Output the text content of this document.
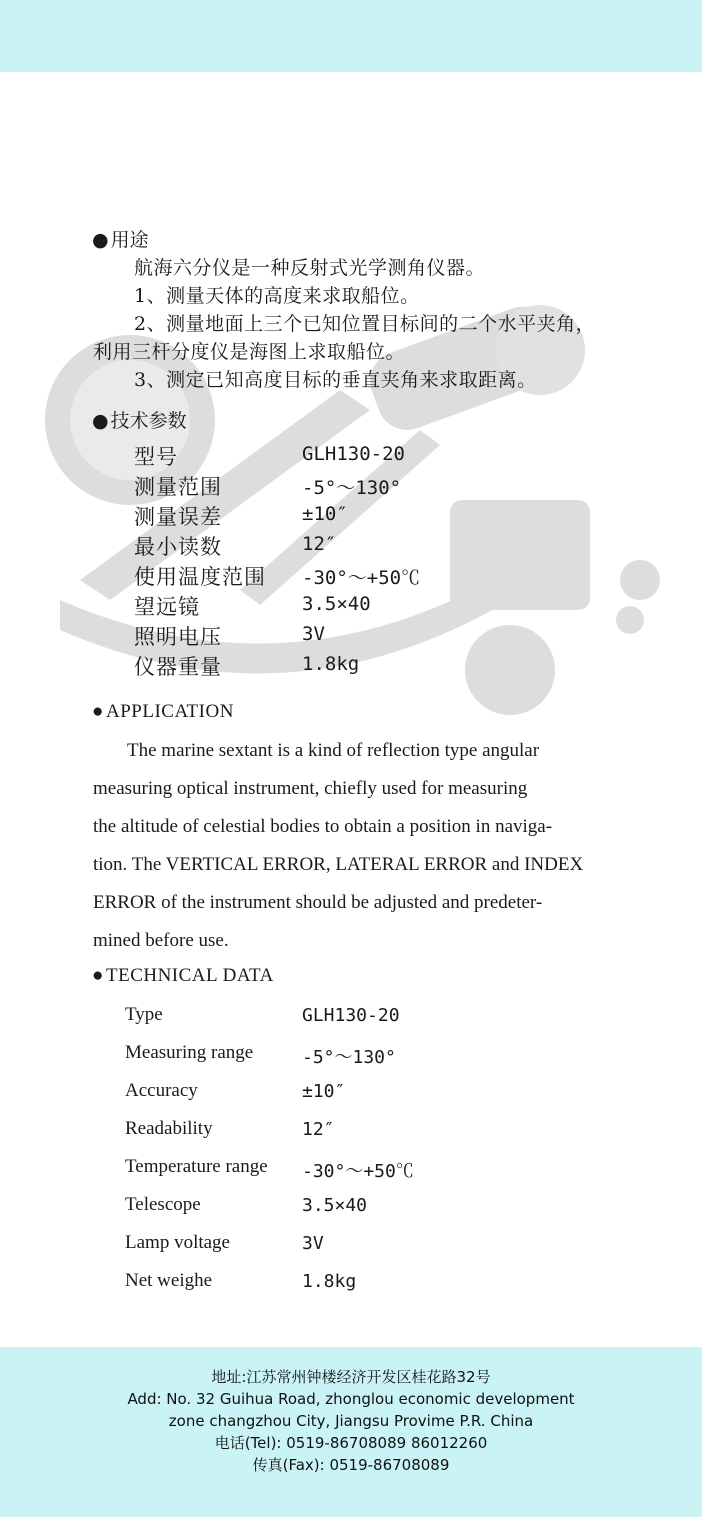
● 用途
航海六分仪是一种反射式光学测角仪器。
1、测量天体的高度来求取船位。
2、测量地面上三个已知位置目标间的二个水平夹角，
利用三杆分度仪是海图上求取船位。
3、测定已知高度目标的垂直夹角来求取距离。
● 技术参数
型号	GLH130-20
测量范围	-5°～130°
测量误差	±10″
最小读数	12″
使用温度范围 -30°～+50℃
望远镜	3.5×40
照明电压	3V
仪器重量	1.8kg
● APPLICATION
The marine sextant is a kind of reflection type angular
measuring optical instrument, chiefly used for measuring
the altitude of celestial bodies to obtain a position in naviga-
tion. The VERTICAL ERROR, LATERAL ERROR and INDEX
ERROR of the instrument should be adjusted and predeter-
mined before use.
● TECHNICAL DATA
Type	GLH130-20
Measuring range	-5°～130°
Accuracy	±10″
Readability	12″
Temperature range -30°～+50℃
Telescope	3.5×40
Lamp voltage	3V
Net weighe	1.8kg
地址:江苏常州钟楼经济开发区桂花路32号
Add: No. 32 Guihua Road, zhonglou economic development
zone changzhou City, Jiangsu Provime P.R. China
电话(Tel): 0519-86708089 86012260
传真(Fax): 0519-86708089
